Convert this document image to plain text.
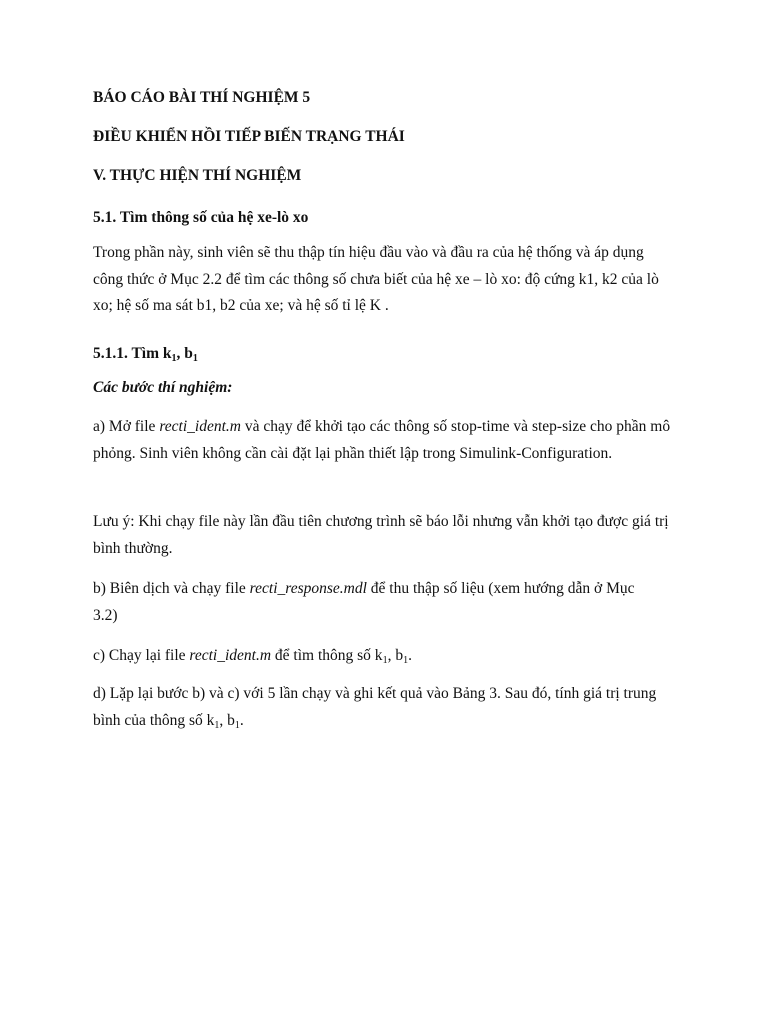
BÁO CÁO BÀI THÍ NGHIỆM 5

ĐIỀU KHIỂN HỒI TIẾP BIẾN TRẠNG THÁI

V. THỰC HIỆN THÍ NGHIỆM

5.1. Tìm thông số của hệ xe-lò xo

Trong phần này, sinh viên sẽ thu thập tín hiệu đầu vào và đầu ra của hệ thống và áp dụng công thức ở Mục 2.2 để tìm các thông số chưa biết của hệ xe – lò xo: độ cứng k1, k2 của lò xo; hệ số ma sát b1, b2 của xe; và hệ số tỉ lệ K .

5.1.1. Tìm $k_1$, $b_1$

Các bước thí nghiệm:

a) Mở file recti_ident.m và chạy để khởi tạo các thông số stop-time và step-size cho phần mô phỏng. Sinh viên không cần cài đặt lại phần thiết lập trong Simulink-Configuration.

Lưu ý: Khi chạy file này lần đầu tiên chương trình sẽ báo lỗi nhưng vẫn khởi tạo được giá trị bình thường.

b) Biên dịch và chạy file recti_response.mdl để thu thập số liệu (xem hướng dẫn ở Mục 3.2)

c) Chạy lại file recti_ident.m để tìm thông số $k_1$, $b_1$.

d) Lặp lại bước b) và c) với 5 lần chạy và ghi kết quả vào Bảng 3. Sau đó, tính giá trị trung bình của thông số $k_1$, $b_1$.
